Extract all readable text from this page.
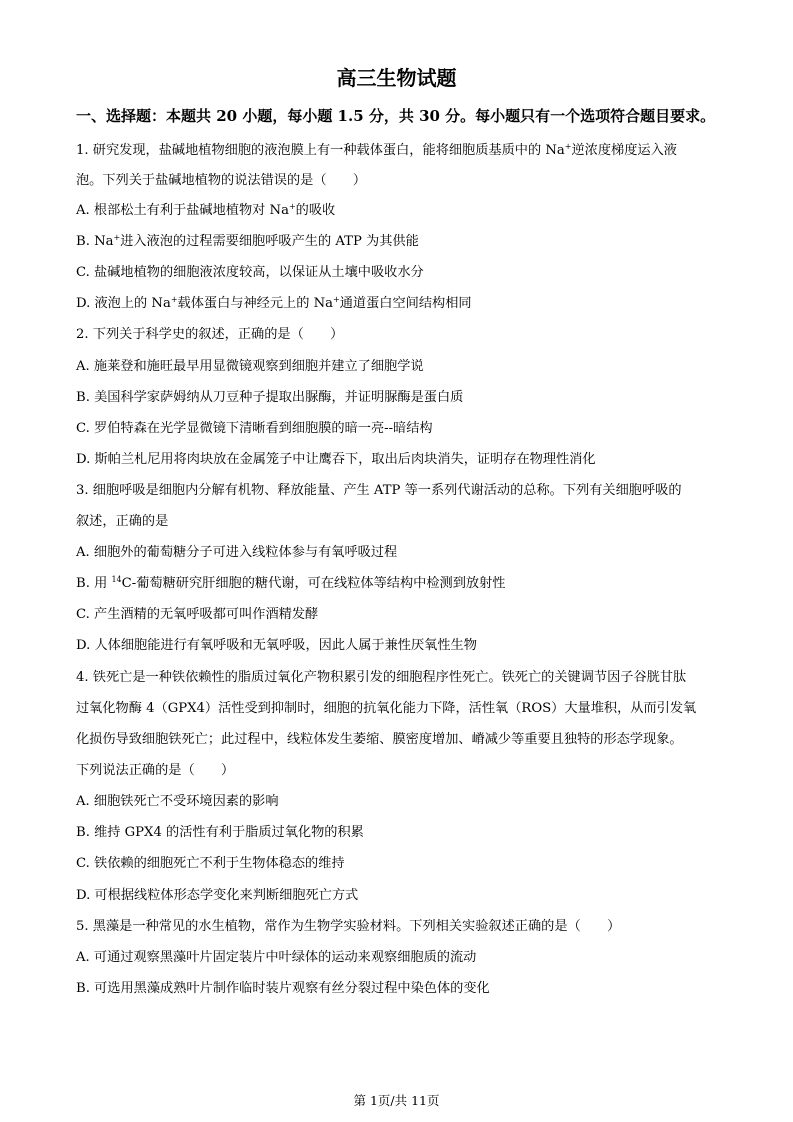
高三生物试题
一、选择题：本题共 20 小题，每小题 1.5 分，共 30 分。每小题只有一个选项符合题目要求。
1. 研究发现，盐碱地植物细胞的液泡膜上有一种载体蛋白，能将细胞质基质中的 Na+逆浓度梯度运入液
泡。下列关于盐碱地植物的说法错误的是（　　）
A. 根部松土有利于盐碱地植物对 Na+的吸收
B. Na+进入液泡的过程需要细胞呼吸产生的 ATP 为其供能
C. 盐碱地植物的细胞液浓度较高，以保证从土壤中吸收水分
D. 液泡上的 Na+载体蛋白与神经元上的 Na+通道蛋白空间结构相同
2. 下列关于科学史的叙述，正确的是（　　）
A. 施莱登和施旺最早用显微镜观察到细胞并建立了细胞学说
B. 美国科学家萨姆纳从刀豆种子提取出脲酶，并证明脲酶是蛋白质
C. 罗伯特森在光学显微镜下清晰看到细胞膜的暗一亮--暗结构
D. 斯帕兰札尼用将肉块放在金属笼子中让鹰吞下，取出后肉块消失，证明存在物理性消化
3. 细胞呼吸是细胞内分解有机物、释放能量、产生 ATP 等一系列代谢活动的总称。下列有关细胞呼吸的
叙述，正确的是
A. 细胞外的葡萄糖分子可进入线粒体参与有氧呼吸过程
B. 用 $^{14}$C-葡萄糖研究肝细胞的糖代谢，可在线粒体等结构中检测到放射性
C. 产生酒精的无氧呼吸都可叫作酒精发酵
D. 人体细胞能进行有氧呼吸和无氧呼吸，因此人属于兼性厌氧性生物
4. 铁死亡是一种铁依赖性的脂质过氧化产物积累引发的细胞程序性死亡。铁死亡的关键调节因子谷胱甘肽
过氧化物酶 4（GPX4）活性受到抑制时，细胞的抗氧化能力下降，活性氧（ROS）大量堆积，从而引发氧
化损伤导致细胞铁死亡；此过程中，线粒体发生萎缩、膜密度增加、嵴减少等重要且独特的形态学现象。
下列说法正确的是（　　）
A. 细胞铁死亡不受环境因素的影响
B. 维持 GPX4 的活性有利于脂质过氧化物的积累
C. 铁依赖的细胞死亡不利于生物体稳态的维持
D. 可根据线粒体形态学变化来判断细胞死亡方式
5. 黑藻是一种常见的水生植物，常作为生物学实验材料。下列相关实验叙述正确的是（　　）
A. 可通过观察黑藻叶片固定装片中叶绿体的运动来观察细胞质的流动
B. 可选用黑藻成熟叶片制作临时装片观察有丝分裂过程中染色体的变化
第 1页/共 11页
